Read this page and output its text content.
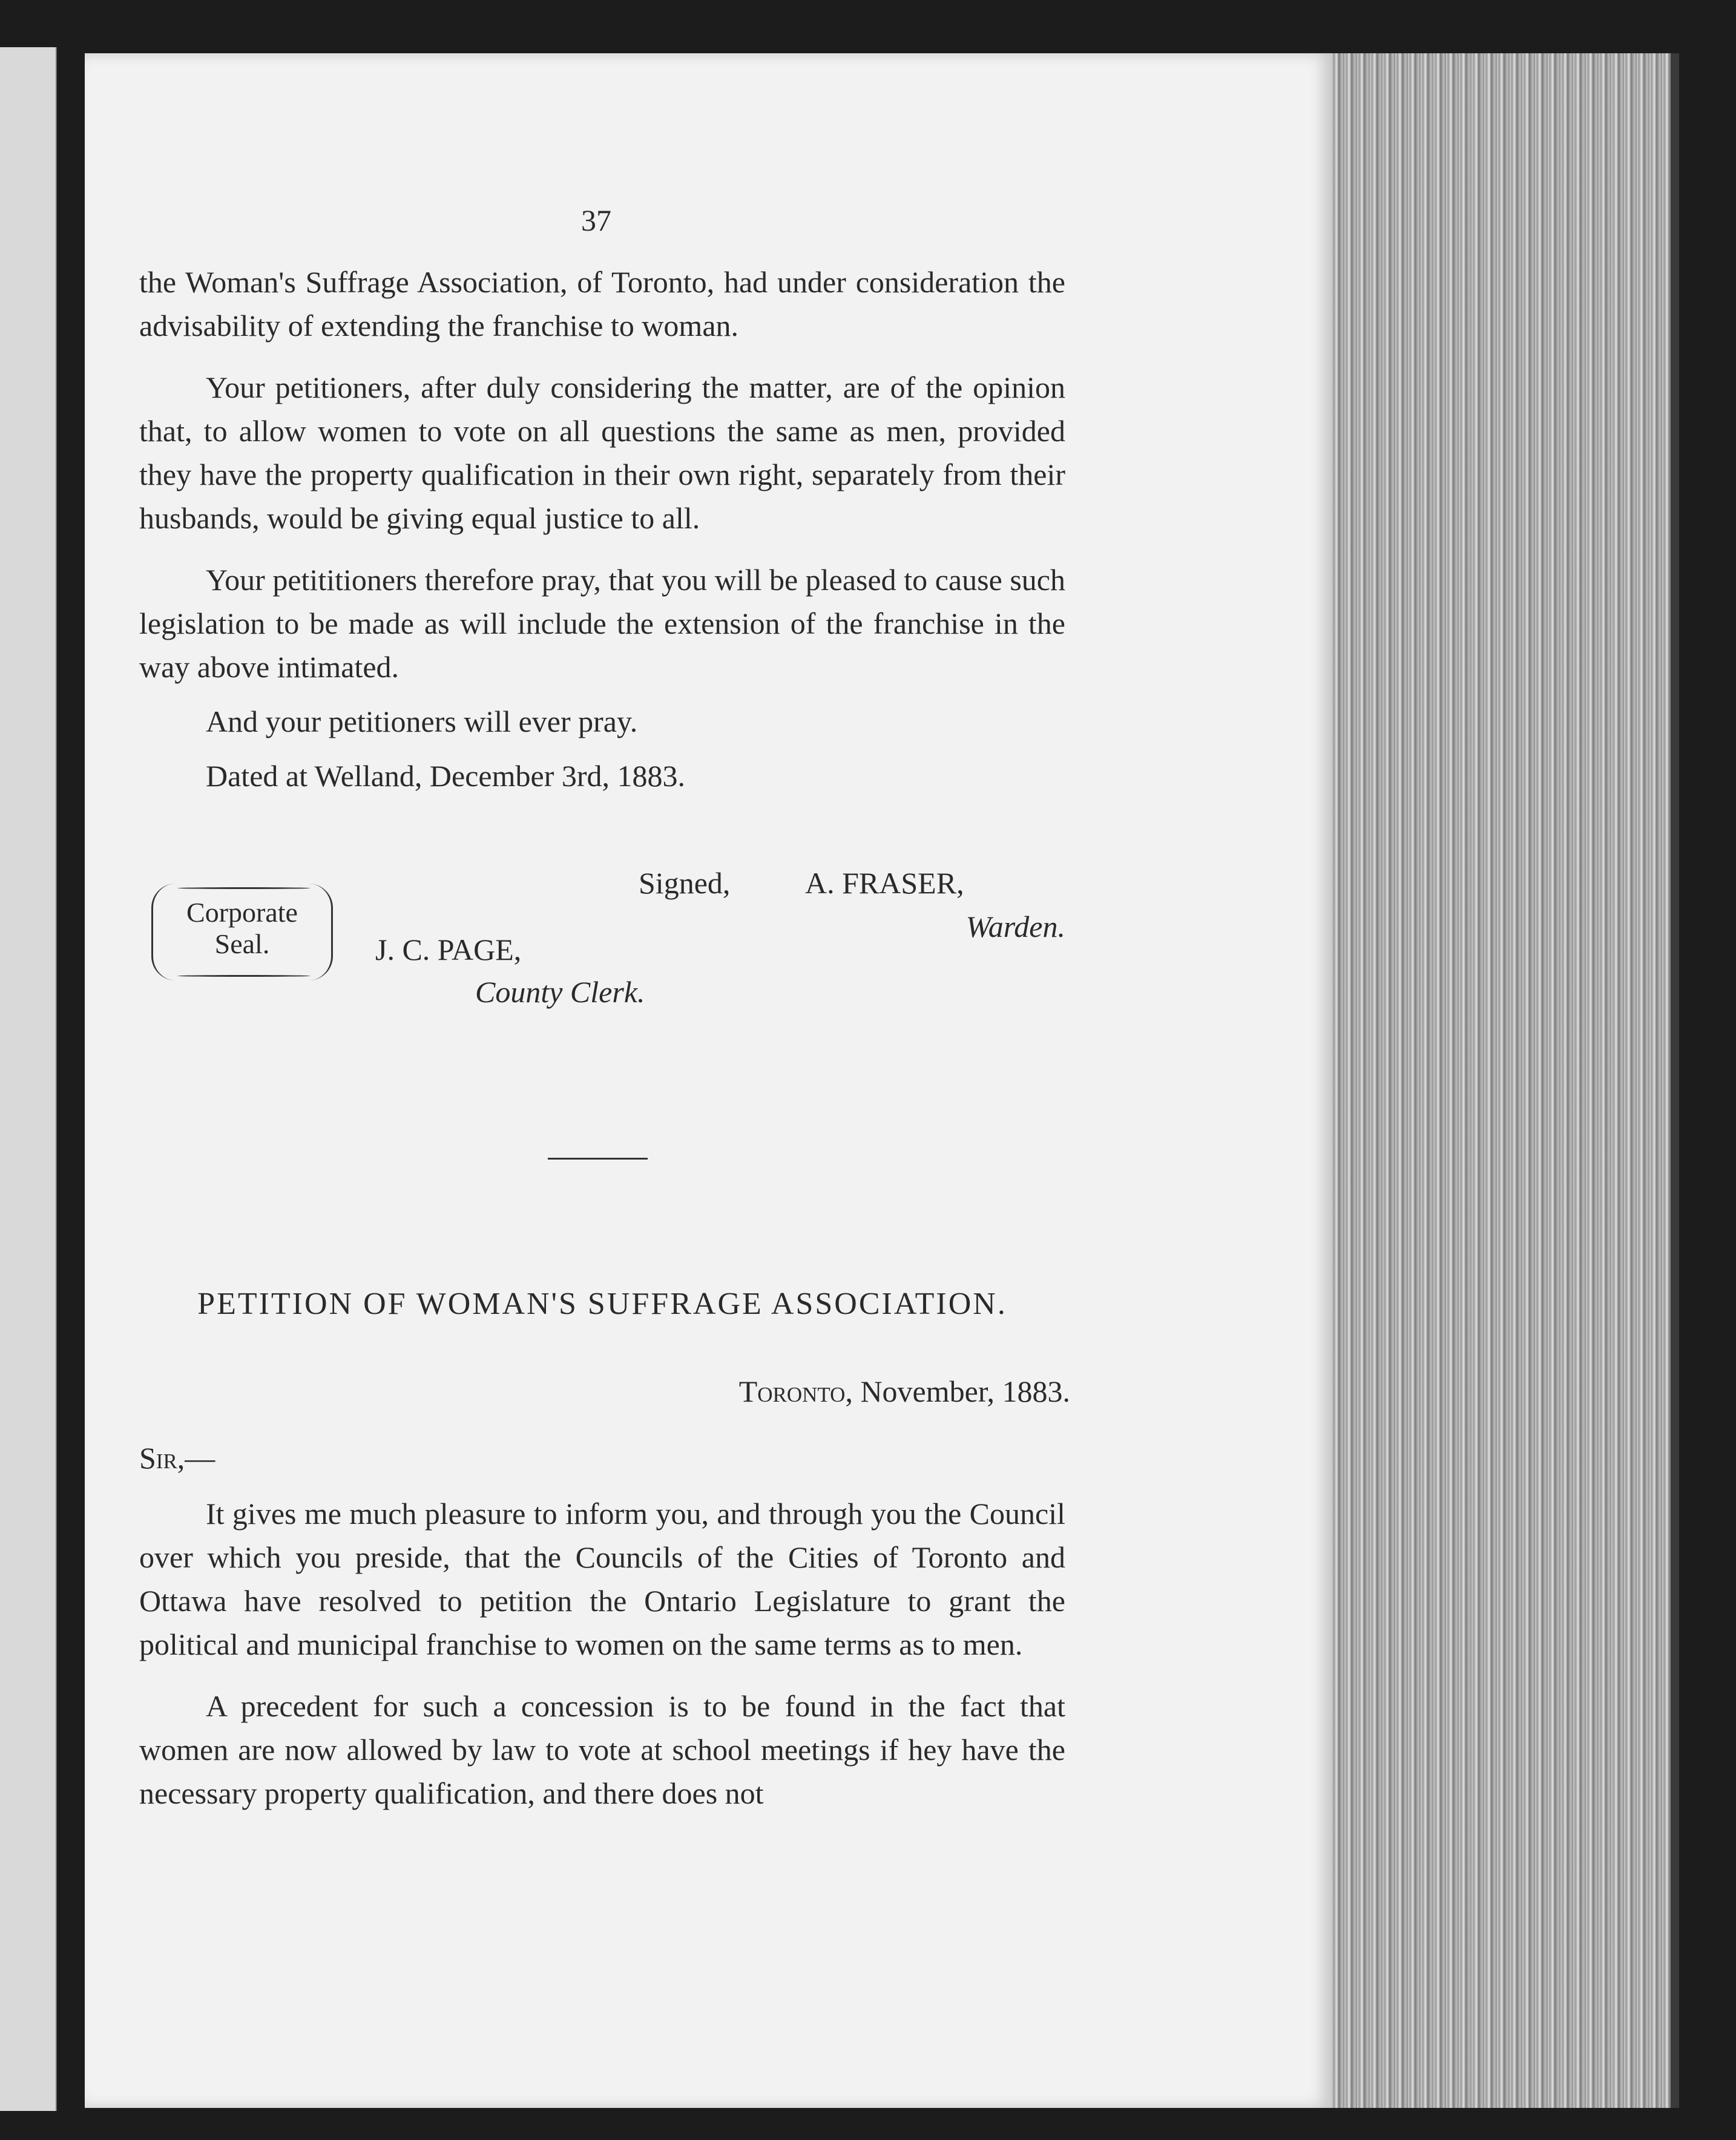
37

the Woman's Suffrage Association, of Toronto, had under consideration the advisability of extending the franchise to woman.

Your petitioners, after duly considering the matter, are of the opinion that, to allow women to vote on all questions the same as men, provided they have the property qualification in their own right, separately from their husbands, would be giving equal justice to all.

Your petititioners therefore pray, that you will be pleased to cause such legislation to be made as will include the extension of the franchise in the way above intimated.

And your petitioners will ever pray.

Dated at Welland, December 3rd, 1883.

Corporate
Seal.
Signed, A. FRASER,
Warden.
J. C. PAGE,
County Clerk.
PETITION OF WOMAN'S SUFFRAGE ASSOCIATION.
Toronto, November, 1883.
Sir,—

It gives me much pleasure to inform you, and through you the Council over which you preside, that the Councils of the Cities of Toronto and Ottawa have resolved to petition the Ontario Legislature to grant the political and municipal franchise to women on the same terms as to men.

A precedent for such a concession is to be found in the fact that women are now allowed by law to vote at school meetings if hey have the necessary property qualification, and there does not
